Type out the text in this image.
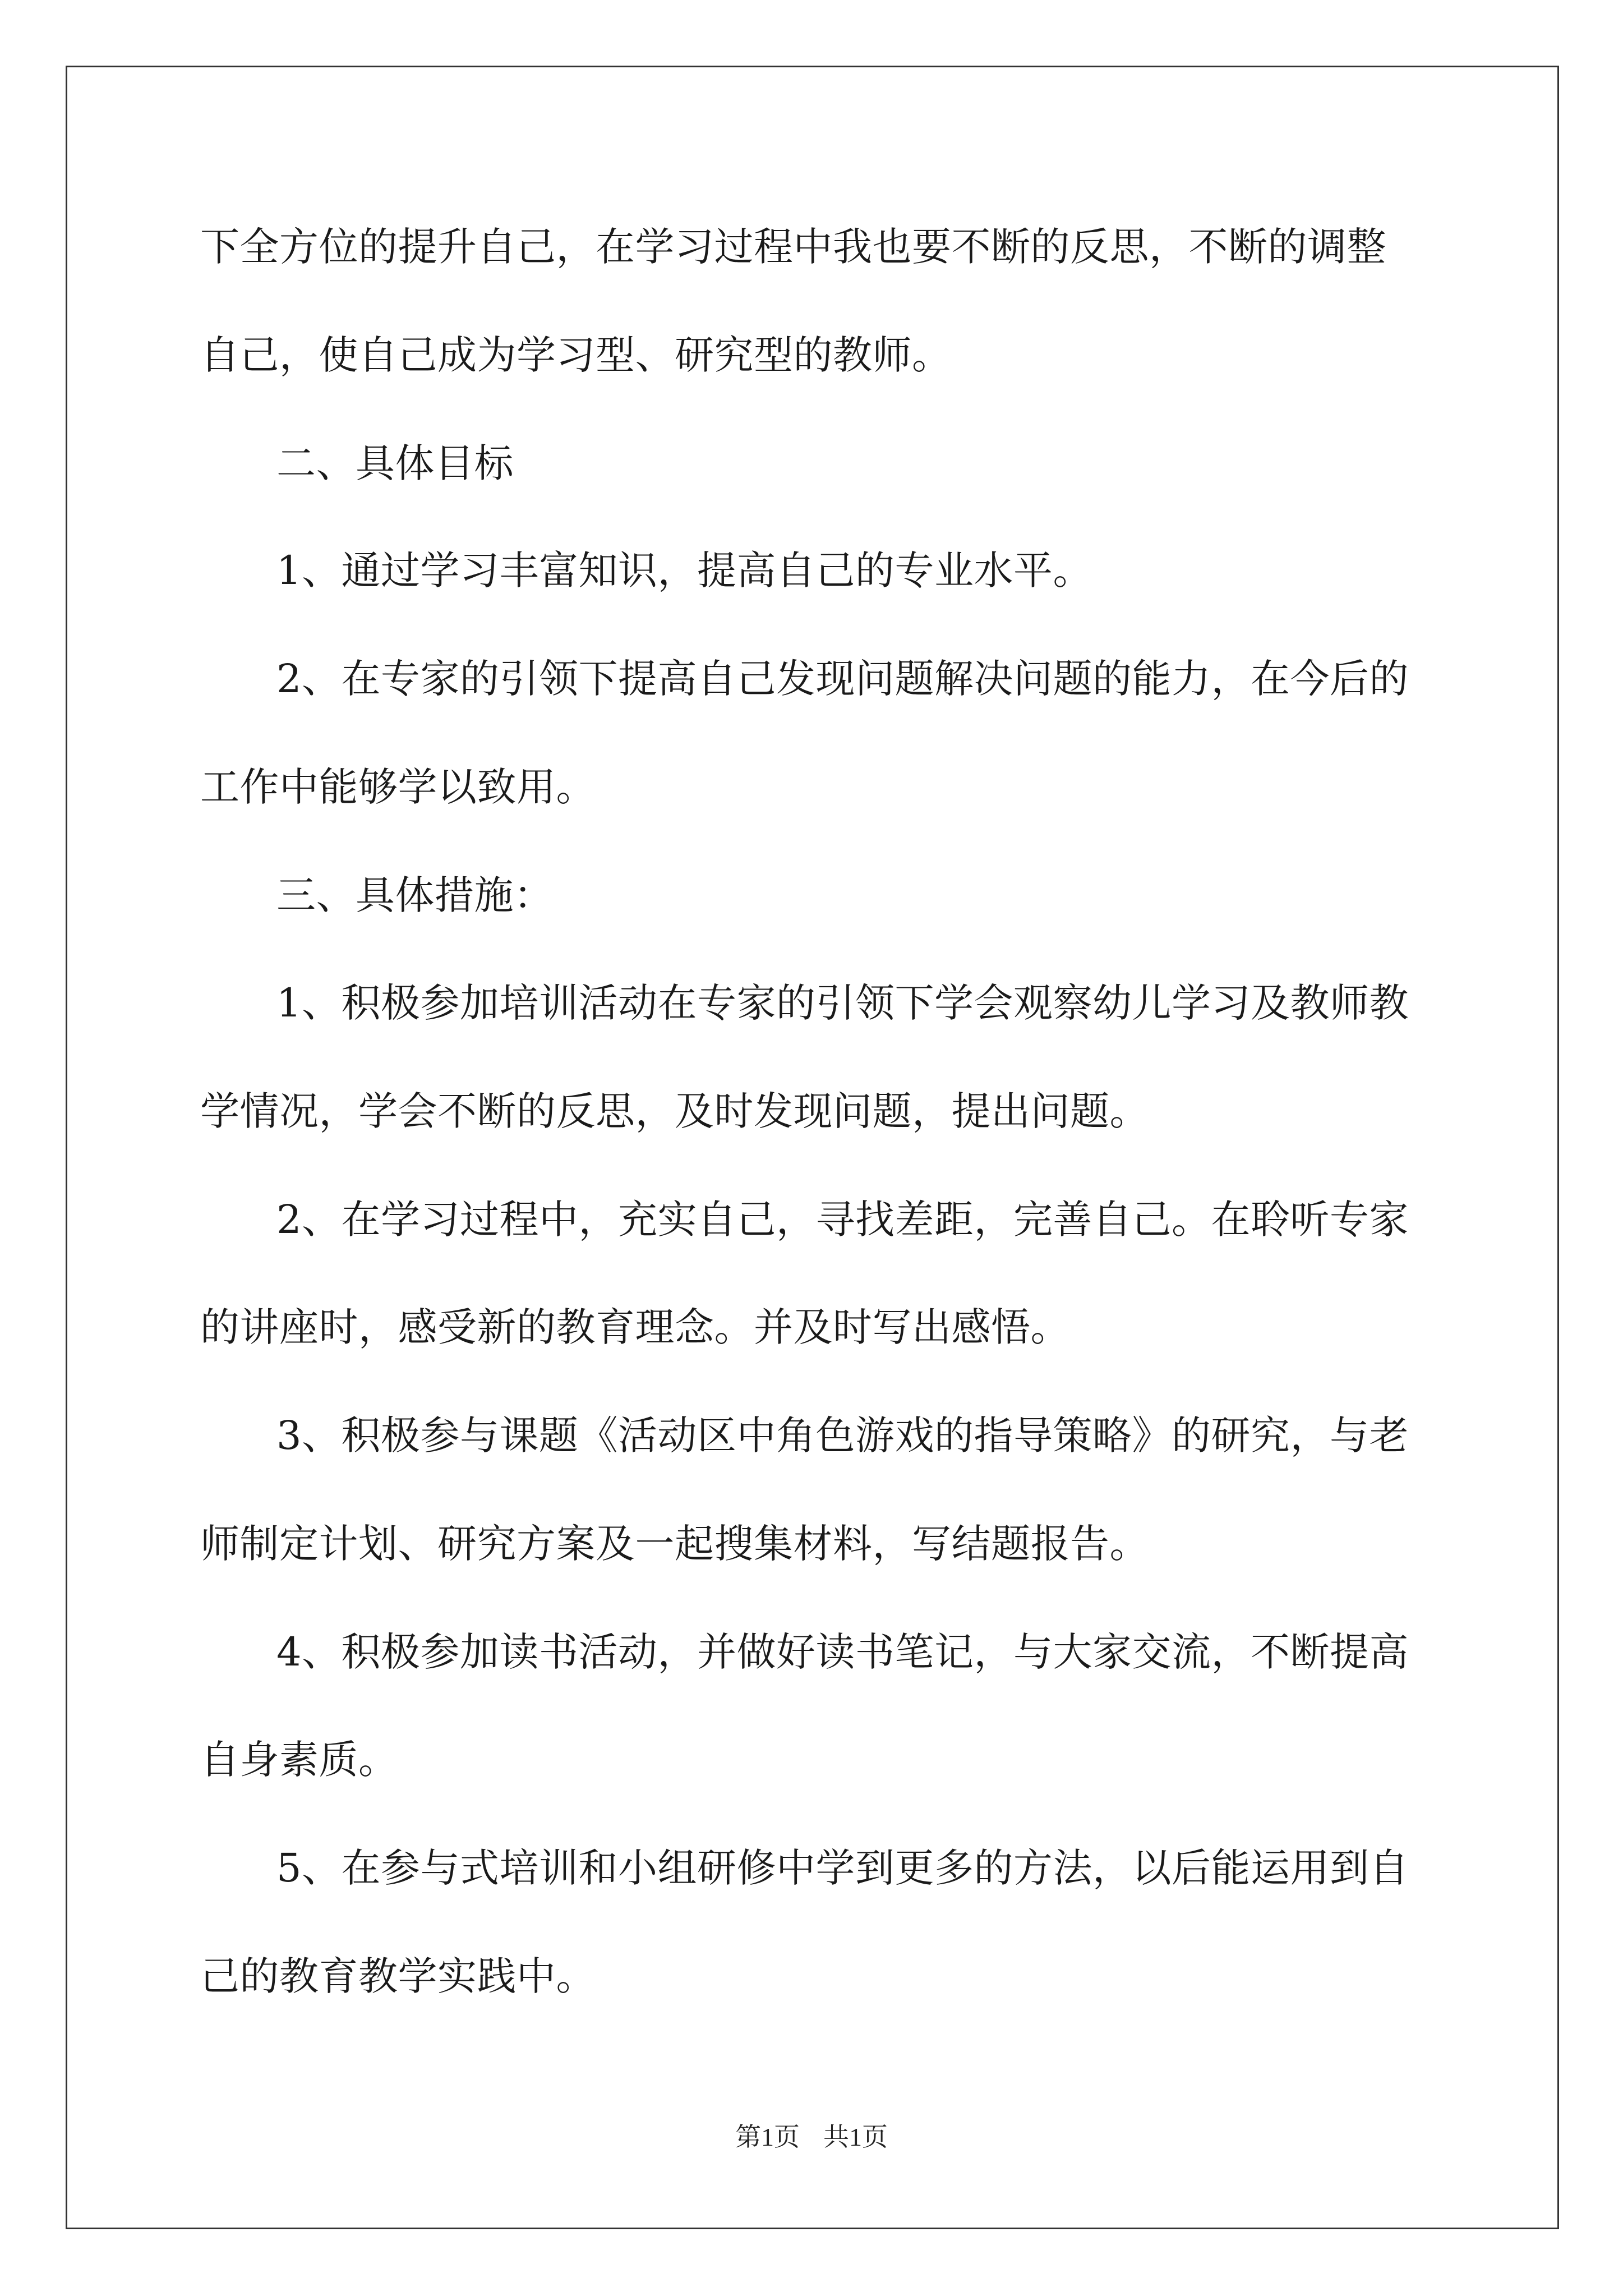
下全方位的提升自己，在学习过程中我也要不断的反思，不断的调整
自己，使自己成为学习型、研究型的教师。
二、具体目标
1、通过学习丰富知识，提高自己的专业水平。
2、在专家的引领下提高自己发现问题解决问题的能力，在今后的
工作中能够学以致用。
三、具体措施：
1、积极参加培训活动在专家的引领下学会观察幼儿学习及教师教
学情况，学会不断的反思，及时发现问题，提出问题。
2、在学习过程中，充实自己，寻找差距，完善自己。在聆听专家
的讲座时，感受新的教育理念。并及时写出感悟。
3、积极参与课题《活动区中角色游戏的指导策略》的研究，与老
师制定计划、研究方案及一起搜集材料，写结题报告。
4、积极参加读书活动，并做好读书笔记，与大家交流，不断提高
自身素质。
5、在参与式培训和小组研修中学到更多的方法，以后能运用到自
己的教育教学实践中。
第1页 共1页
